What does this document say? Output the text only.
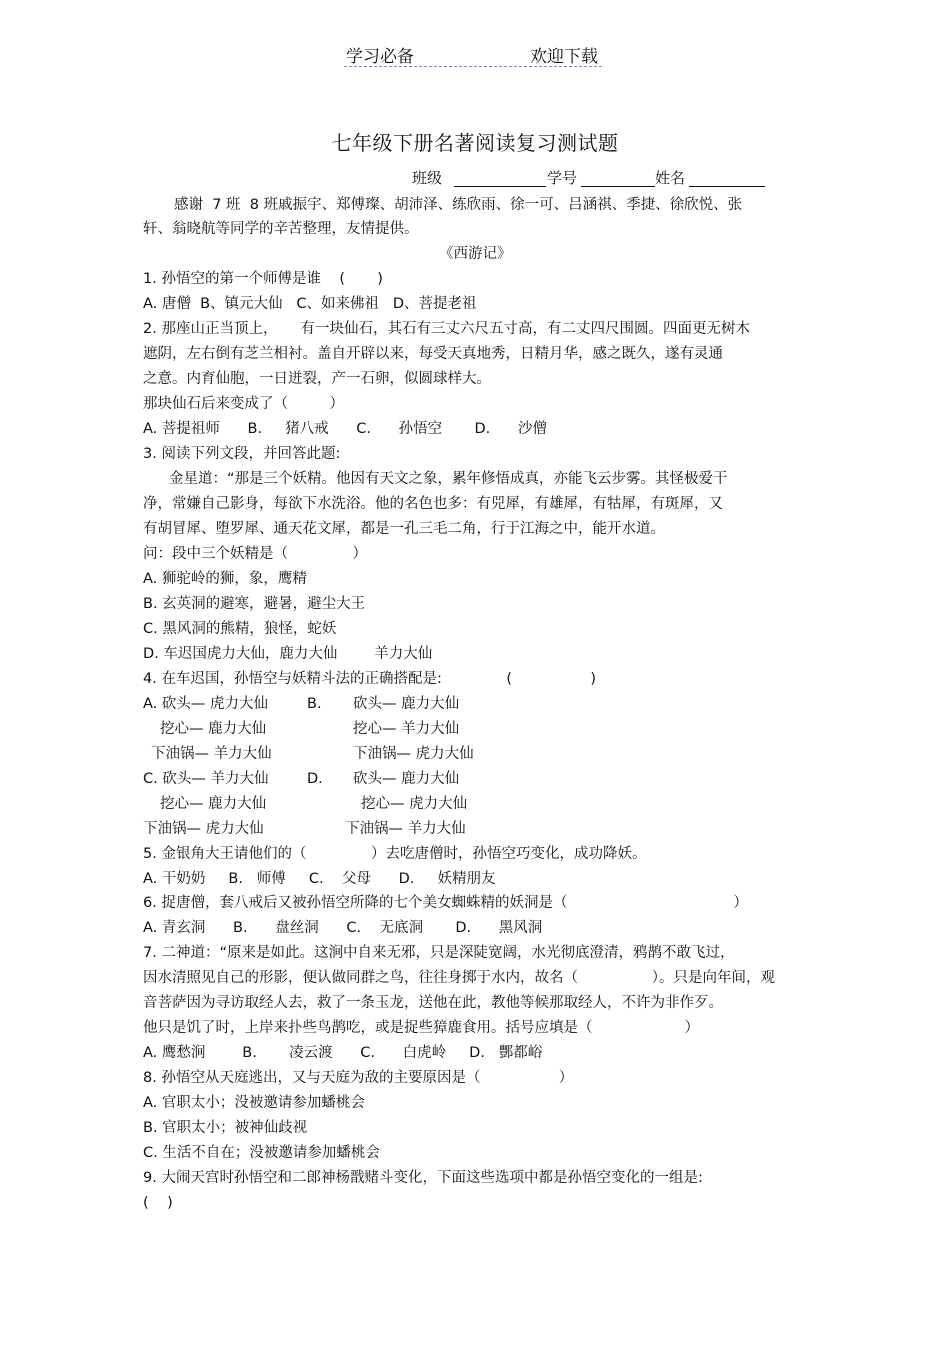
学习必备	欢迎下载
七年级下册名著阅读复习测试题
班级	学号	姓名
感谢  7 班  8 班戚振宇、郑傅璨、胡沛泽、练欣雨、徐一可、吕涵祺、季捷、徐欣悦、张
轩、翁晓航等同学的辛苦整理，友情提供。
《西游记》
1. 孙悟空的第一个师傅是谁    (       )
A. 唐僧  B、镇元大仙   C、如来佛祖   D、菩提老祖
2. 那座山正当顶上，     有一块仙石，其石有三丈六尺五寸高，有二丈四尺围圆。四面更无树木
遮阴，左右倒有芝兰相衬。盖自开辟以来，每受天真地秀，日精月华，感之既久，遂有灵通
之意。内育仙胞，一日迸裂，产一石卵，似圆球样大。
那块仙石后来变成了（         ）
A. 菩提祖师      B.     猪八戒      C.      孙悟空       D.      沙僧
3. 阅读下列文段，并回答此题:
金星道：“那是三个妖精。他因有天文之象，累年修悟成真，亦能飞云步雾。其怪极爱干
净，常嫌自己影身，每欲下水洗浴。他的名色也多：有兕犀，有雄犀，有牯犀，有斑犀，又
有胡冒犀、堕罗犀、通天花文犀，都是一孔三毛二角，行于江海之中，能开水道。
问：段中三个妖精是（              ）
A. 狮驼岭的狮，象，鹰精
B. 玄英洞的避寒，避暑，避尘大王
C. 黑风洞的熊精，狼怪，蛇妖
D. 车迟国虎力大仙，鹿力大仙        羊力大仙
4. 在车迟国，孙悟空与妖精斗法的正确搭配是:              (                 )
A. 砍头— 虎力大仙	B. 砍头— 鹿力大仙
挖心— 鹿力大仙	挖心— 羊力大仙
下油锅— 羊力大仙	下油锅— 虎力大仙
C. 砍头— 羊力大仙	D. 砍头— 鹿力大仙
挖心— 鹿力大仙	挖心— 虎力大仙
下油锅— 虎力大仙	下油锅— 羊力大仙
5. 金银角大王请他们的（              ）去吃唐僧时，孙悟空巧变化，成功降妖。
A. 干奶奶     B.   师傅     C.    父母      D.     妖精朋友
6. 捉唐僧，套八戒后又被孙悟空所降的七个美女蜘蛛精的妖洞是（                                    ）
A. 青玄洞      B.      盘丝洞      C.    无底洞       D.      黑风洞
7. 二神道：“原来是如此。这涧中自来无邪，只是深陡宽阔，水光彻底澄清，鸦鹊不敢飞过，
因水清照见自己的形影，便认做同群之鸟，往往身掷于水内，故名（                ）。只是向年间，观
音菩萨因为寻访取经人去，救了一条玉龙，送他在此，教他等候那取经人，不许为非作歹。
他只是饥了时，上岸来扑些鸟鹊吃，或是捉些獐鹿食用。括号应填是（                    ）
A. 鹰愁涧        B.       凌云渡      C.      白虎岭     D.   酆都峪
8. 孙悟空从天庭逃出，又与天庭为敌的主要原因是（                 ）
A. 官职太小；没被邀请参加蟠桃会
B. 官职太小；被神仙歧视
C. 生活不自在；没被邀请参加蟠桃会
9. 大闹天宫时孙悟空和二郎神杨戬赌斗变化，下面这些选项中都是孙悟空变化的一组是:
(    )
